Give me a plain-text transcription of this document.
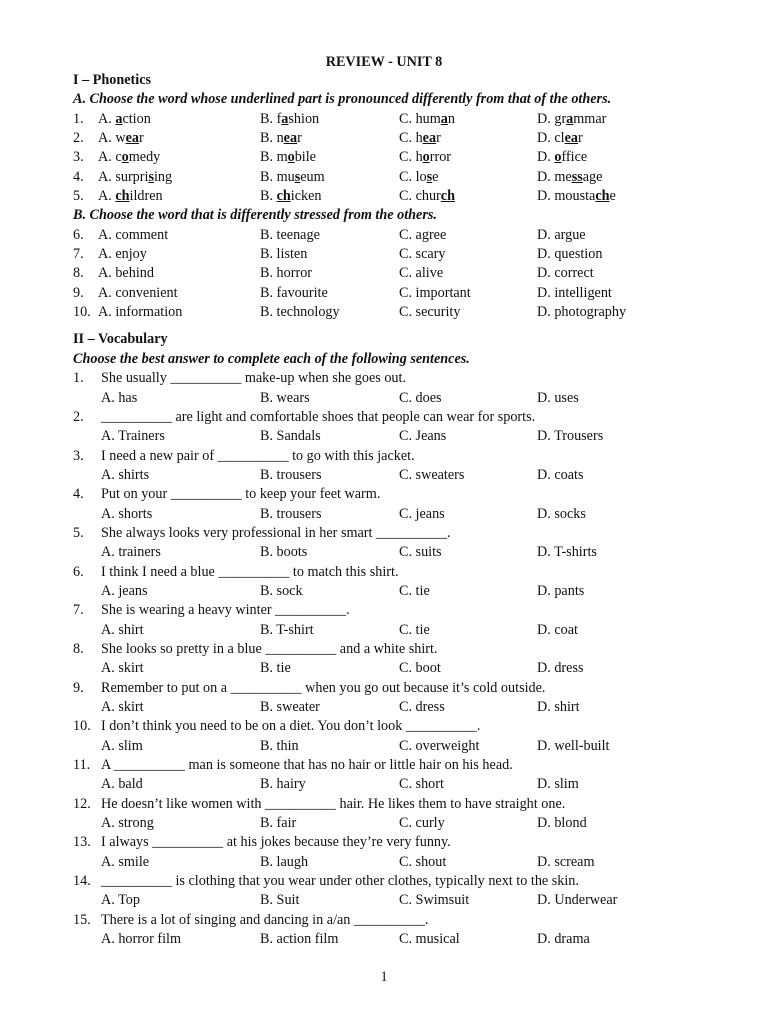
REVIEW - UNIT 8
I – Phonetics
A. Choose the word whose underlined part is pronounced differently from that of the others.
1. A. action	B. fashion	C. human	D. grammar
2. A. wear	B. near	C. hear	D. clear
3. A. comedy	B. mobile	C. horror	D. office
4. A. surprising	B. museum	C. lose	D. message
5. A. children	B. chicken	C. church	D. moustache
B. Choose the word that is differently stressed from the others.
6. A. comment	B. teenage	C. agree	D. argue
7. A. enjoy	B. listen	C. scary	D. question
8. A. behind	B. horror	C. alive	D. correct
9. A. convenient	B. favourite	C. important	D. intelligent
10. A. information	B. technology	C. security	D. photography
II – Vocabulary
Choose the best answer to complete each of the following sentences.
1. She usually __________ make-up when she goes out.
A. has	B. wears	C. does	D. uses
2. __________ are light and comfortable shoes that people can wear for sports.
A. Trainers	B. Sandals	C. Jeans	D. Trousers
3. I need a new pair of __________ to go with this jacket.
A. shirts	B. trousers	C. sweaters	D. coats
4. Put on your __________ to keep your feet warm.
A. shorts	B. trousers	C. jeans	D. socks
5. She always looks very professional in her smart __________.
A. trainers	B. boots	C. suits	D. T-shirts
6. I think I need a blue __________ to match this shirt.
A. jeans	B. sock	C. tie	D. pants
7. She is wearing a heavy winter __________.
A. shirt	B. T-shirt	C. tie	D. coat
8. She looks so pretty in a blue __________ and a white shirt.
A. skirt	B. tie	C. boot	D. dress
9. Remember to put on a __________ when you go out because it’s cold outside.
A. skirt	B. sweater	C. dress	D. shirt
10. I don’t think you need to be on a diet. You don’t look __________.
A. slim	B. thin	C. overweight	D. well-built
11. A __________ man is someone that has no hair or little hair on his head.
A. bald	B. hairy	C. short	D. slim
12. He doesn’t like women with __________ hair. He likes them to have straight one.
A. strong	B. fair	C. curly	D. blond
13. I always __________ at his jokes because they’re very funny.
A. smile	B. laugh	C. shout	D. scream
14. __________ is clothing that you wear under other clothes, typically next to the skin.
A. Top	B. Suit	C. Swimsuit	D. Underwear
15. There is a lot of singing and dancing in a/an __________.
A. horror film	B. action film	C. musical	D. drama
1
